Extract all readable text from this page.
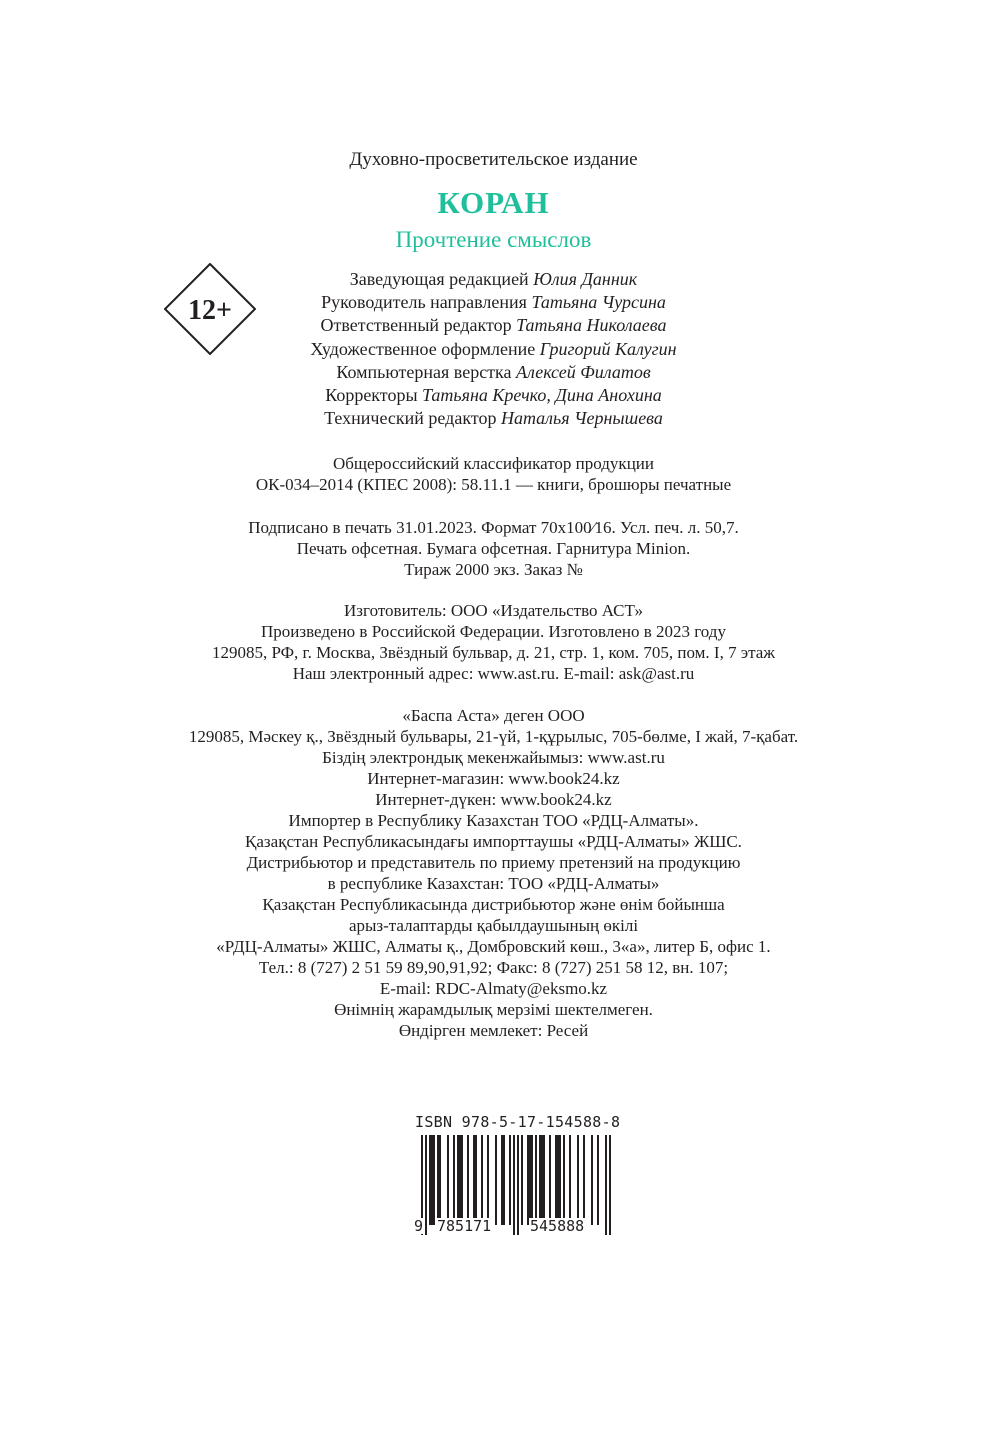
Духовно-просветительское издание
КОРАН
Прочтение смыслов
12+
Заведующая редакцией Юлия Данник
Руководитель направления Татьяна Чурсина
Ответственный редактор Татьяна Николаева
Художественное оформление Григорий Калугин
Компьютерная верстка Алексей Филатов
Корректоры Татьяна Кречко, Дина Анохина
Технический редактор Наталья Чернышева
Общероссийский классификатор продукции
ОК-034–2014 (КПЕС 2008): 58.11.1 — книги, брошюры печатные
Подписано в печать 31.01.2023. Формат 70x100⁄16. Усл. печ. л. 50,7.
Печать офсетная. Бумага офсетная. Гарнитура Minion.
Тираж 2000 экз. Заказ №
Изготовитель: ООО «Издательство АСТ»
Произведено в Российской Федерации. Изготовлено в 2023 году
129085, РФ, г. Москва, Звёздный бульвар, д. 21, стр. 1, ком. 705, пом. I, 7 этаж
Наш электронный адрес: www.ast.ru. E-mail: ask@ast.ru
«Баспа Аста» деген ООО
129085, Мәскеу қ., Звёздный бульвары, 21-үй, 1-құрылыс, 705-бөлме, I жай, 7-қабат.
Біздің электрондық мекенжайымыз: www.ast.ru
Интернет-магазин: www.book24.kz
Интернет-дүкен: www.book24.kz
Импортер в Республику Казахстан ТОО «РДЦ-Алматы».
Қазақстан Республикасындағы импорттаушы «РДЦ-Алматы» ЖШС.
Дистрибьютор и представитель по приему претензий на продукцию
в республике Казахстан: ТОО «РДЦ-Алматы»
Қазақстан Республикасында дистрибьютор және өнім бойынша
арыз-талаптарды қабылдаушының өкілі
«РДЦ-Алматы» ЖШС, Алматы қ., Домбровский көш., 3«а», литер Б, офис 1.
Тел.: 8 (727) 2 51 59 89,90,91,92; Факс: 8 (727) 251 58 12, вн. 107;
E-mail: RDC-Almaty@eksmo.kz
Өнімнің жарамдылық мерзімі шектелмеген.
Өндірген мемлекет: Ресей
ISBN 978-5-17-154588-8
9 785171	545888
